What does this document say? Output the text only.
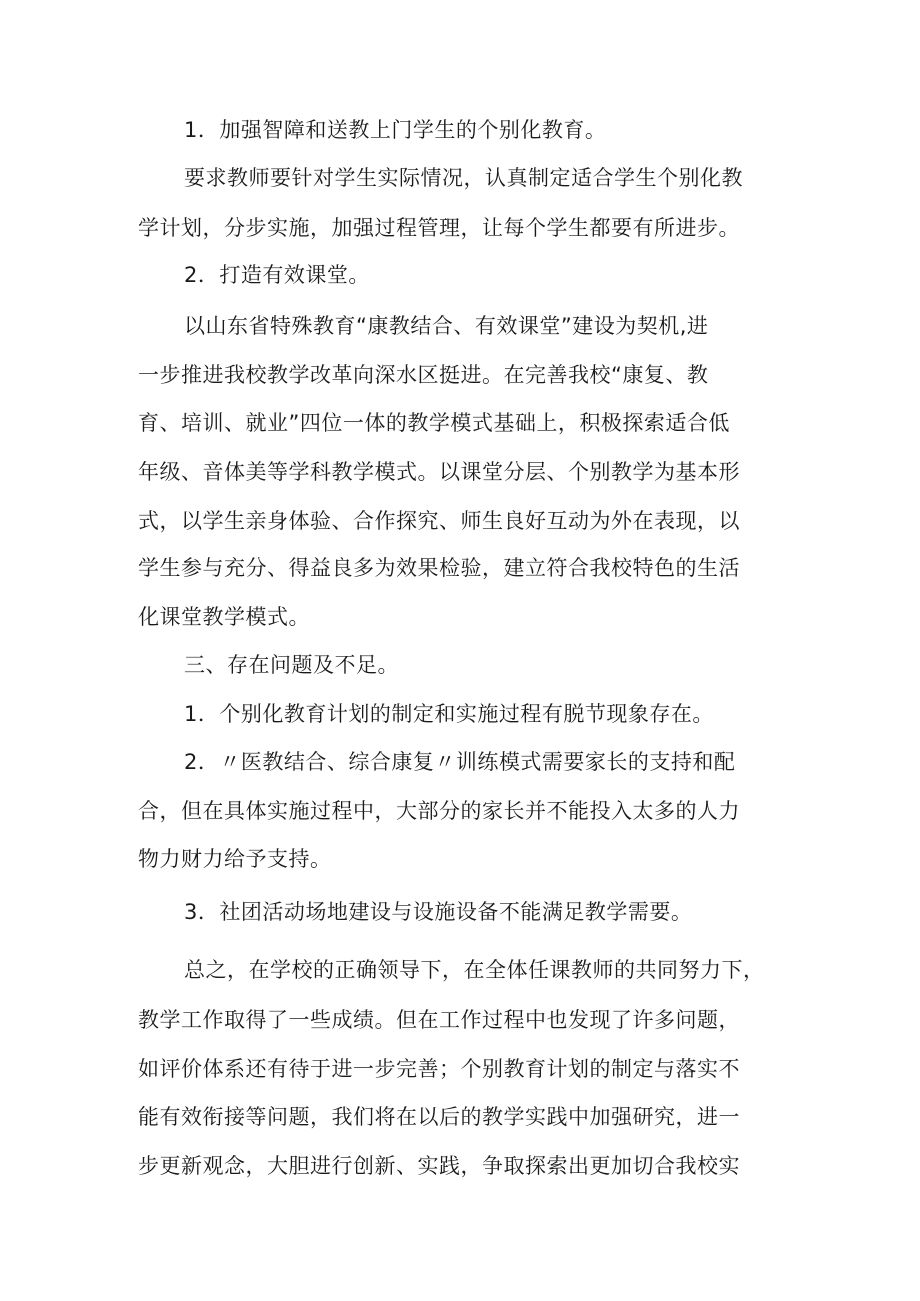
1．加强智障和送教上门学生的个别化教育。
要求教师要针对学生实际情况，认真制定适合学生个别化教
学计划，分步实施，加强过程管理，让每个学生都要有所进步。
2．打造有效课堂。
以山东省特殊教育“康教结合、有效课堂”建设为契机,进
一步推进我校教学改革向深水区挺进。在完善我校“康复、教
育、培训、就业”四位一体的教学模式基础上，积极探索适合低
年级、音体美等学科教学模式。以课堂分层、个别教学为基本形
式，以学生亲身体验、合作探究、师生良好互动为外在表现，以
学生参与充分、得益良多为效果检验，建立符合我校特色的生活
化课堂教学模式。
三、存在问题及不足。
1．个别化教育计划的制定和实施过程有脱节现象存在。
2．〃医教结合、综合康复〃训练模式需要家长的支持和配
合，但在具体实施过程中，大部分的家长并不能投入太多的人力
物力财力给予支持。
3．社团活动场地建设与设施设备不能满足教学需要。
总之，在学校的正确领导下，在全体任课教师的共同努力下，
教学工作取得了一些成绩。但在工作过程中也发现了许多问题，
如评价体系还有待于进一步完善；个别教育计划的制定与落实不
能有效衔接等问题，我们将在以后的教学实践中加强研究，进一
步更新观念，大胆进行创新、实践，争取探索出更加切合我校实
